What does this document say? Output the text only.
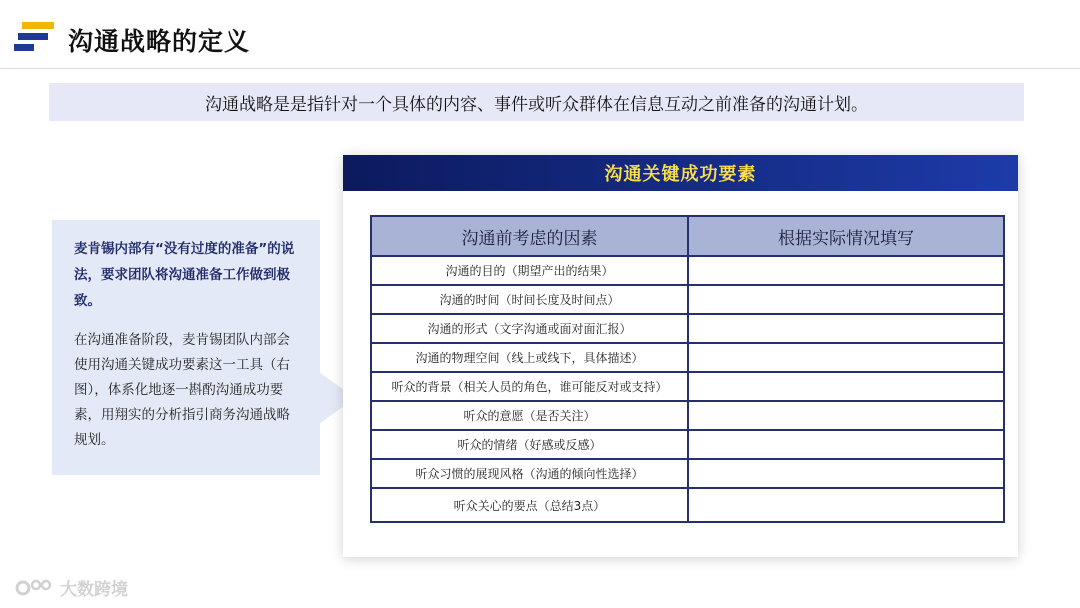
沟通战略的定义
沟通战略是是指针对一个具体的内容、事件或听众群体在信息互动之前准备的沟通计划。

麦肯锡内部有“没有过度的准备”的说法，要求团队将沟通准备工作做到极致。

在沟通准备阶段，麦肯锡团队内部会使用沟通关键成功要素这一工具（右图），体系化地逐一斟酌沟通成功要素，用翔实的分析指引商务沟通战略规划。

沟通关键成功要素
沟通前考虑的因素	根据实际情况填写
沟通的目的（期望产出的结果）	
沟通的时间（时间长度及时间点）	
沟通的形式（文字沟通或面对面汇报）	
沟通的物理空间（线上或线下，具体描述）	
听众的背景（相关人员的角色，谁可能反对或支持）	
听众的意愿（是否关注）	
听众的情绪（好感或反感）	
听众习惯的展现风格（沟通的倾向性选择）	
听众关心的要点（总结3点）	
大数跨境
